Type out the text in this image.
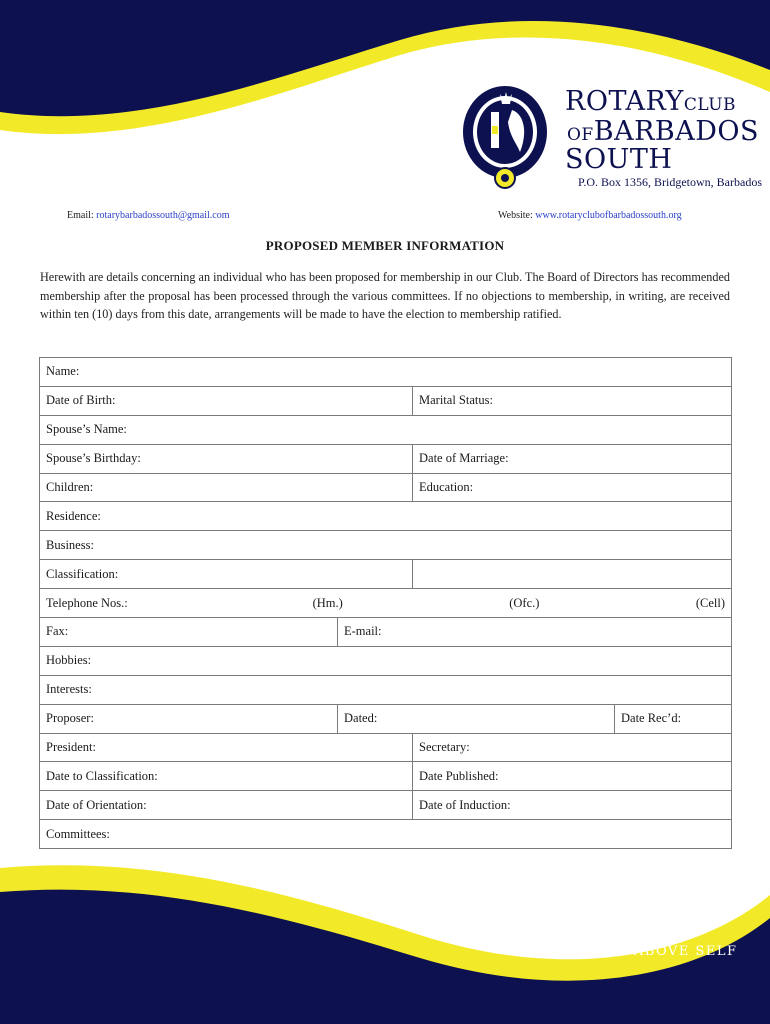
ROTARYCLUB
OFBARBADOS
SOUTH
P.O. Box 1356, Bridgetown, Barbados
Email: rotarybarbadossouth@gmail.com	Website: www.rotaryclubofbarbadossouth.org
PROPOSED MEMBER INFORMATION
Herewith are details concerning an individual who has been proposed for membership in our Club. The Board of Directors has recommended membership after the proposal has been processed through the various committees. If no objections to membership, in writing, are received within ten (10) days from this date, arrangements will be made to have the election to membership ratified.
Name:			
Date of Birth:		Marital Status:	
Spouse’s Name:			
Spouse’s Birthday:		Date of Marriage:	
Children:		Education:	
Residence:			
Business:			
Classification:			

Telephone Nos.: (Hm.) (Ofc.) (Cell)			

Fax:	E-mail:		
Hobbies:			
Interests:			
Proposer:	Dated:		Date Rec’d:
President:		Secretary:	
Date to Classification:		Date Published:	
Date of Orientation:		Date of Induction:	
Committees:			
SERVICE ABOVE SELF
